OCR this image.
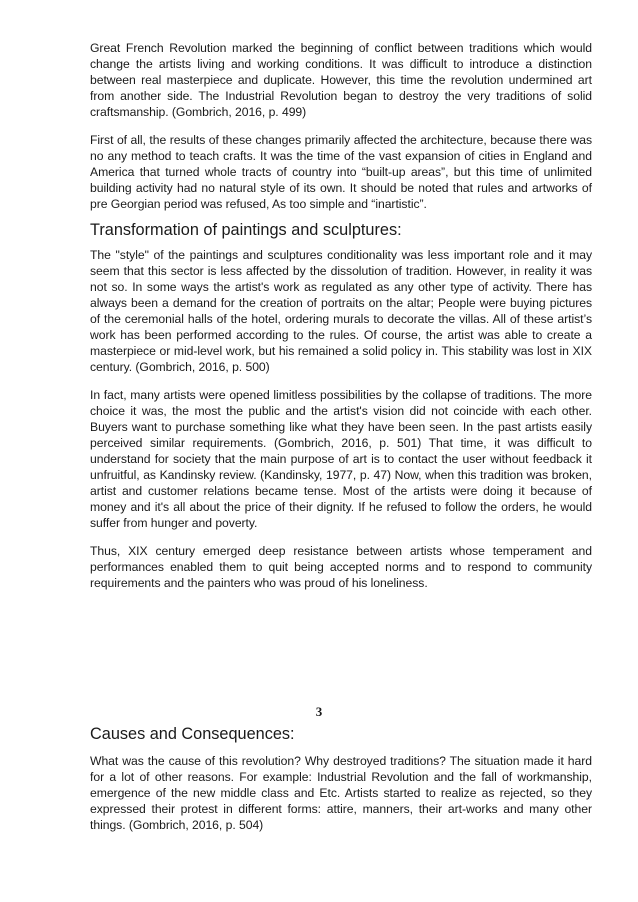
Great French Revolution marked the beginning of conflict between traditions which would change the artists living and working conditions. It was difficult to introduce a distinction between real masterpiece and duplicate. However, this time the revolution undermined art from another side. The Industrial Revolution began to destroy the very traditions of solid craftsmanship. (Gombrich, 2016, p. 499)

First of all, the results of these changes primarily affected the architecture, because there was no any method to teach crafts. It was the time of the vast expansion of cities in England and America that turned whole tracts of country into “built-up areas”, but this time of unlimited building activity had no natural style of its own. It should be noted that rules and artworks of pre Georgian period was refused, As too simple and “inartistic”.

Transformation of paintings and sculptures:

The "style" of the paintings and sculptures conditionality was less important role and it may seem that this sector is less affected by the dissolution of tradition. However, in reality it was not so. In some ways the artist's work as regulated as any other type of activity. There has always been a demand for the creation of portraits on the altar; People were buying pictures of the ceremonial halls of the hotel, ordering murals to decorate the villas. All of these artist’s work has been performed according to the rules. Of course, the artist was able to create a masterpiece or mid-level work, but his remained a solid policy in. This stability was lost in XIX century. (Gombrich, 2016, p. 500)

In fact, many artists were opened limitless possibilities by the collapse of traditions. The more choice it was, the most the public and the artist's vision did not coincide with each other. Buyers want to purchase something like what they have been seen. In the past artists easily perceived similar requirements. (Gombrich, 2016, p. 501) That time, it was difficult to understand for society that the main purpose of art is to contact the user without feedback it unfruitful, as Kandinsky review. (Kandinsky, 1977, p. 47) Now, when this tradition was broken, artist and customer relations became tense. Most of the artists were doing it because of money and it's all about the price of their dignity. If he refused to follow the orders, he would suffer from hunger and poverty.

Thus, XIX century emerged deep resistance between artists whose temperament and performances enabled them to quit being accepted norms and to respond to community requirements and the painters who was proud of his loneliness.

3
Causes and Consequences:

What was the cause of this revolution? Why destroyed traditions? The situation made it hard for a lot of other reasons. For example: Industrial Revolution and the fall of workmanship, emergence of the new middle class and Etc. Artists started to realize as rejected, so they expressed their protest in different forms: attire, manners, their art-works and many other things. (Gombrich, 2016, p. 504)
